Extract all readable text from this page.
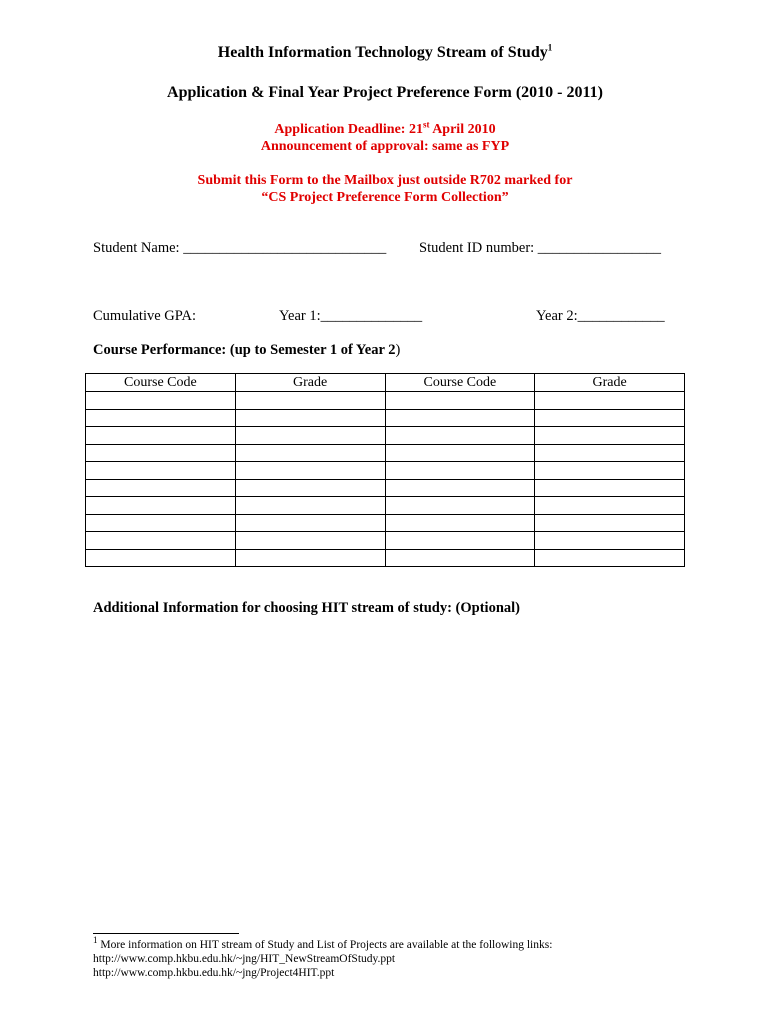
Health Information Technology Stream of Study$^1$
Application & Final Year Project Preference Form (2010 - 2011)
Application Deadline: 21st April 2010
Announcement of approval: same as FYP
Submit this Form to the Mailbox just outside R702 marked for
“CS Project Preference Form Collection”
Student Name: ____________________________ Student ID number: _________________
Cumulative GPA:	Year 1:______________	Year 2:____________
Course Performance: (up to Semester 1 of Year 2)
Course Code	Grade	Course Code	Grade

Additional Information for choosing HIT stream of study: (Optional)
$^1$ More information on HIT stream of Study and List of Projects are available at the following links:
http://www.comp.hkbu.edu.hk/~jng/HIT_NewStreamOfStudy.ppt
http://www.comp.hkbu.edu.hk/~jng/Project4HIT.ppt
